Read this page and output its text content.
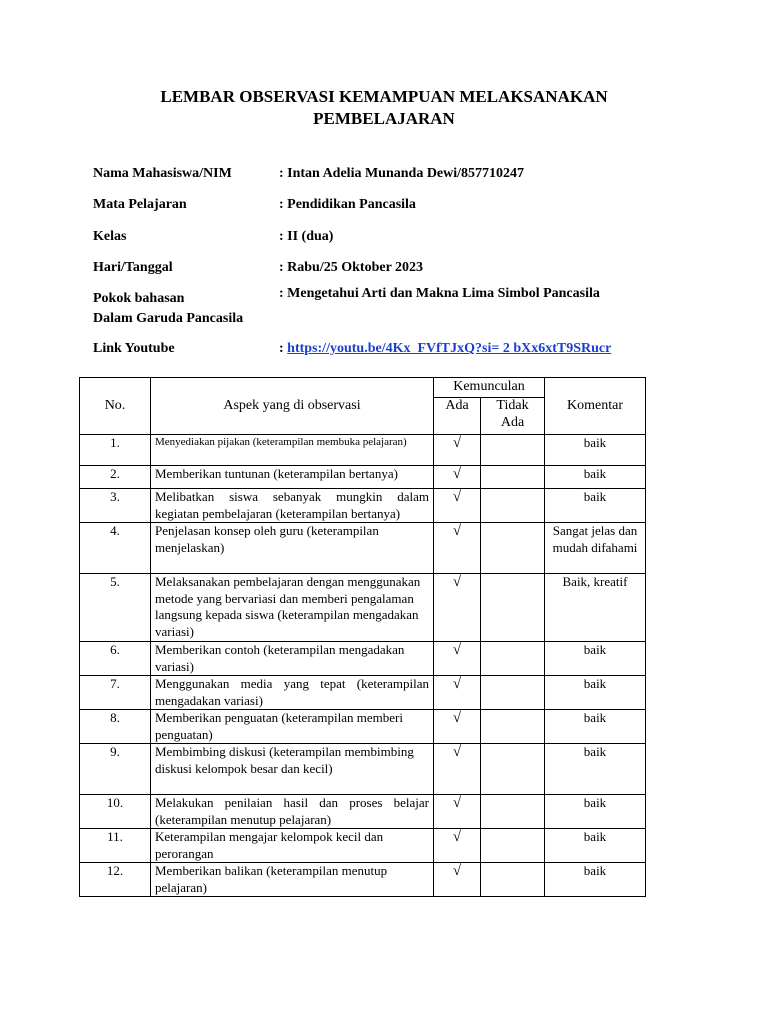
LEMBAR OBSERVASI KEMAMPUAN MELAKSANAKAN
PEMBELAJARAN
Nama Mahasiswa/NIM	: Intan Adelia Munanda Dewi/857710247
Mata Pelajaran	: Pendidikan Pancasila
Kelas	: II (dua)
Hari/Tanggal	: Rabu/25 Oktober 2023
Pokok bahasan
Dalam Garuda Pancasila
: Mengetahui Arti dan Makna Lima Simbol Pancasila
Link Youtube	: https://youtu.be/4Kx_FVfTJxQ?si= 2 bXx6xtT9SRucr
No.	Aspek yang di observasi	Kemunculan		Komentar
		Ada	Tidak Ada	
1.	Menyediakan pijakan (keterampilan membuka pelajaran)	√		baik
2.	Memberikan tuntunan (keterampilan bertanya)	√		baik
3.	Melibatkan siswa sebanyak mungkin dalam kegiatan pembelajaran (keterampilan bertanya)	√		baik
4.	Penjelasan konsep oleh guru (keterampilan menjelaskan)	√		Sangat jelas dan mudah difahami
5.	Melaksanakan pembelajaran dengan menggunakan metode yang bervariasi dan memberi pengalaman langsung kepada siswa (keterampilan mengadakan variasi)	√		Baik, kreatif
6.	Memberikan contoh (keterampilan mengadakan variasi)	√		baik
7.	Menggunakan media yang tepat (keterampilan mengadakan variasi)	√		baik
8.	Memberikan penguatan (keterampilan memberi penguatan)	√		baik
9.	Membimbing diskusi (keterampilan membimbing diskusi kelompok besar dan kecil)	√		baik
10.	Melakukan penilaian hasil dan proses belajar (keterampilan menutup pelajaran)	√		baik
11.	Keterampilan mengajar kelompok kecil dan perorangan	√		baik
12.	Memberikan balikan (keterampilan menutup pelajaran)	√		baik
